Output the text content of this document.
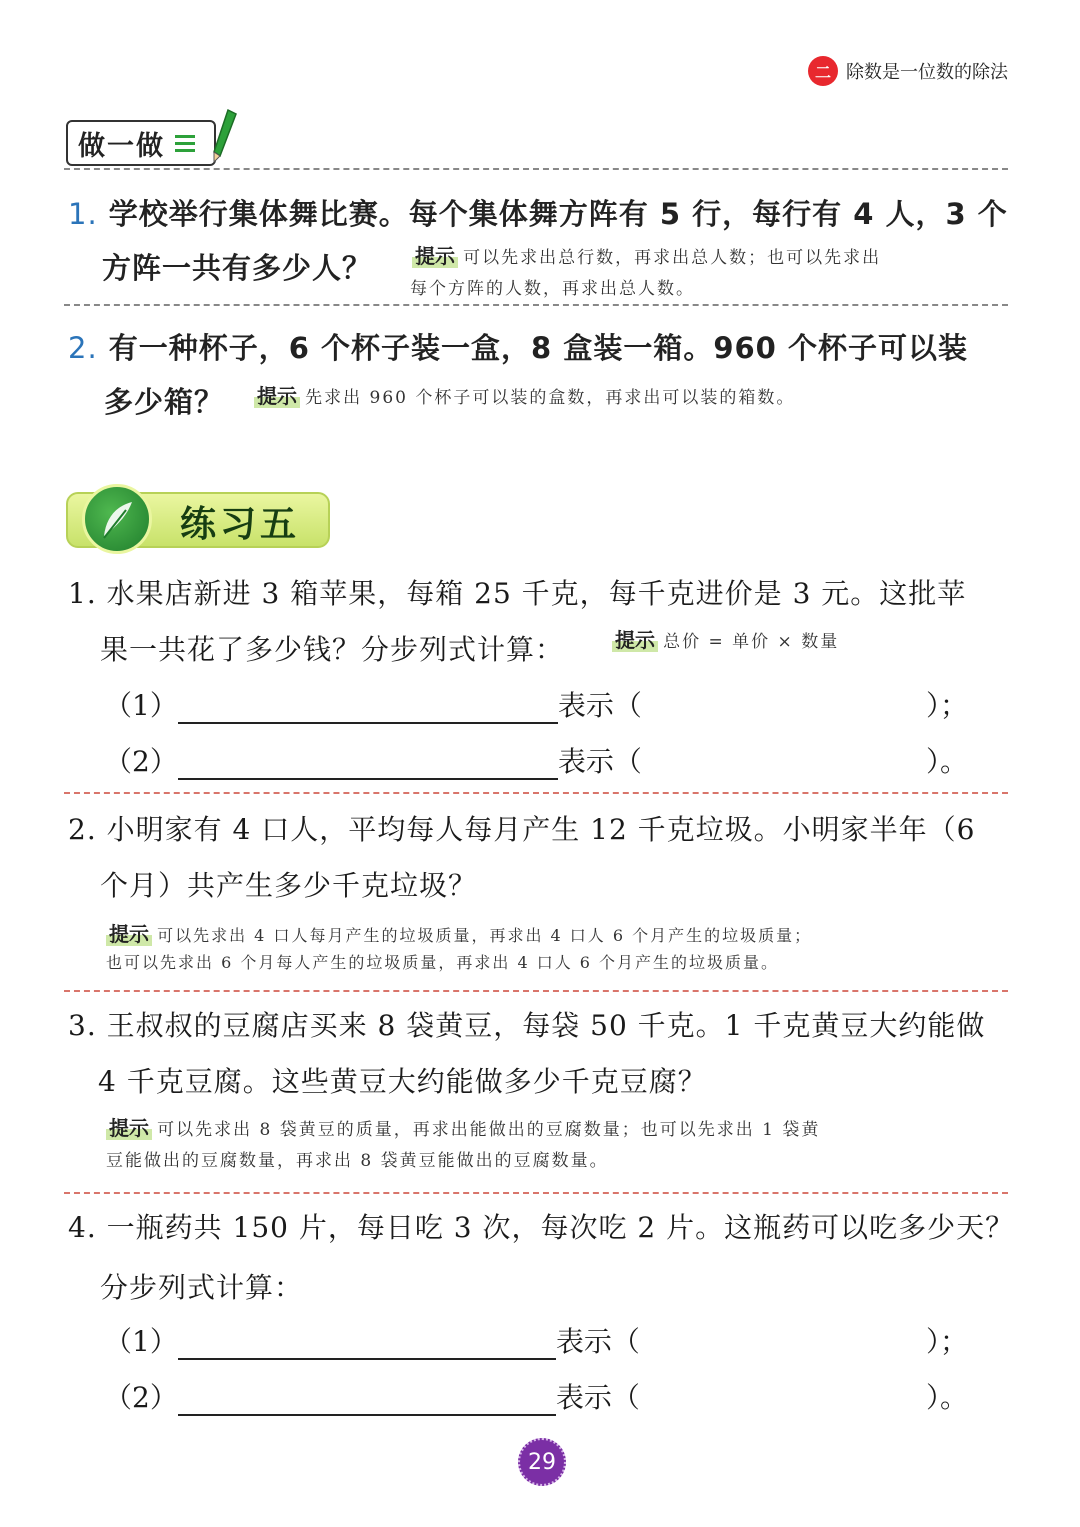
二 除数是一位数的除法
做一做
1. 学校举行集体舞比赛。每个集体舞方阵有 5 行，每行有 4 人，3 个
方阵一共有多少人？ 提示 可以先求出总行数，再求出总人数；也可以先求出
每个方阵的人数，再求出总人数。
2. 有一种杯子，6 个杯子装一盒，8 盒装一箱。960 个杯子可以装
多少箱？ 提示 先求出 960 个杯子可以装的盒数，再求出可以装的箱数。
练习五
1. 水果店新进 3 箱苹果，每箱 25 千克，每千克进价是 3 元。这批苹
果一共花了多少钱？分步列式计算：	提示 总价 = 单价 × 数量
（1）	表示（	）；
（2）	表示（	）。
2. 小明家有 4 口人，平均每人每月产生 12 千克垃圾。小明家半年（6
个月）共产生多少千克垃圾？
提示 可以先求出 4 口人每月产生的垃圾质量，再求出 4 口人 6 个月产生的垃圾质量；
也可以先求出 6 个月每人产生的垃圾质量，再求出 4 口人 6 个月产生的垃圾质量。
3. 王叔叔的豆腐店买来 8 袋黄豆，每袋 50 千克。1 千克黄豆大约能做
4 千克豆腐。这些黄豆大约能做多少千克豆腐？
提示 可以先求出 8 袋黄豆的质量，再求出能做出的豆腐数量；也可以先求出 1 袋黄
豆能做出的豆腐数量，再求出 8 袋黄豆能做出的豆腐数量。
4. 一瓶药共 150 片，每日吃 3 次，每次吃 2 片。这瓶药可以吃多少天？
分步列式计算：
（1）	表示（	）；
（2）	表示（	）。
29
